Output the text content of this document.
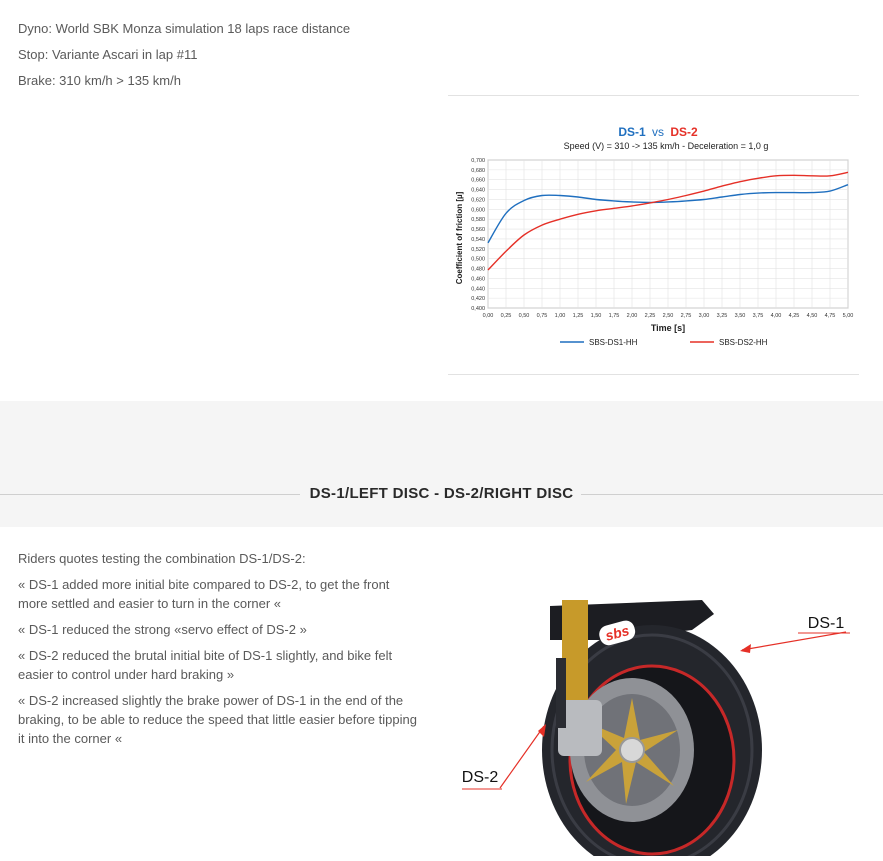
Dyno: World SBK Monza simulation 18 laps race distance

Stop: Variante Ascari in lap #11

Brake: 310 km/h > 135 km/h

DS-1 vs DS-2
Speed (V) = 310 -> 135 km/h - Deceleration = 1,0 g
0,700
0,680
0,660
0,640
0,620
0,600
0,580
0,560
0,540
0,520
0,500
0,480
0,460
0,440
0,420
0,400
0,00 0,25 0,50 0,75 1,00 1,25 1,50 1,75 2,00 2,25 2,50 2,75 3,00 3,25 3,50 3,75 4,00 4,25 4,50 4,75 5,00
Time [s]
Coefficient of friction [µ]
SBS-DS1-HH	SBS-DS2-HH
DS-1/LEFT DISC - DS-2/RIGHT DISC

Riders quotes testing the combination DS-1/DS-2:

« DS-1 added more initial bite compared to DS-2, to get the front more settled and easier to turn in the corner «

« DS-1 reduced the strong «servo effect of DS-2 »

« DS-2 reduced the brutal initial bite of DS-1 slightly, and bike felt easier to control under hard braking »

« DS-2 increased slightly the brake power of DS-1 in the end of the braking, to be able to reduce the speed that little easier before tipping it into the corner «

sbs	DS-1
DS-2
